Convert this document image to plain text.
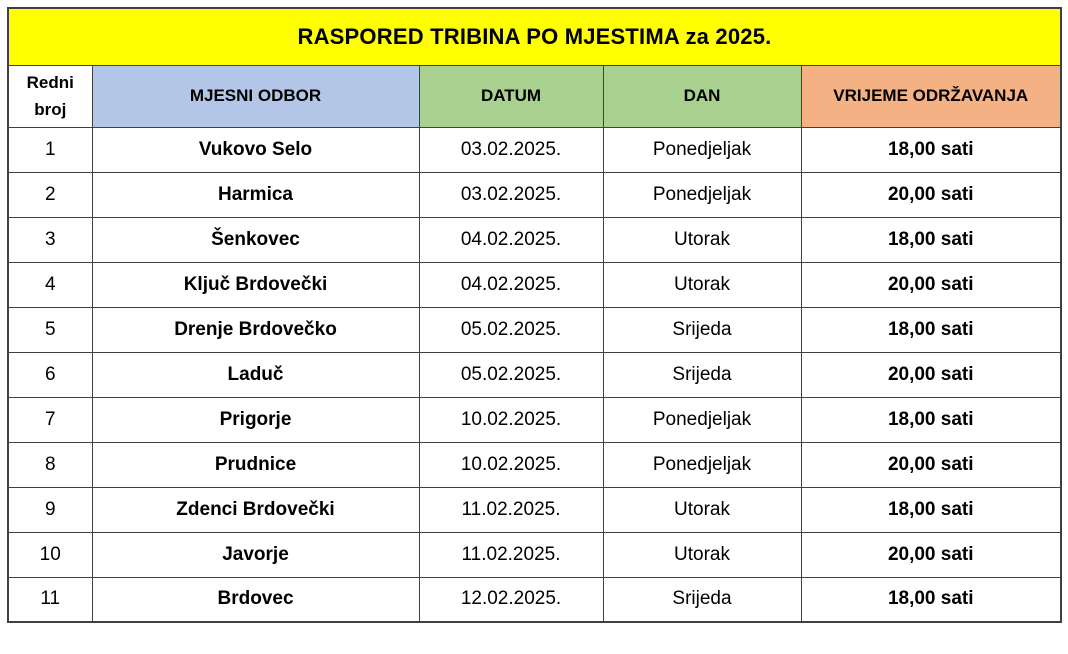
RASPORED TRIBINA PO MJESTIMA za 2025.				
Redni broj	MJESNI ODBOR	DATUM	DAN	VRIJEME ODRŽAVANJA
1	Vukovo Selo	03.02.2025.	Ponedjeljak	18,00 sati
2	Harmica	03.02.2025.	Ponedjeljak	20,00 sati
3	Šenkovec	04.02.2025.	Utorak	18,00 sati
4	Ključ Brdovečki	04.02.2025.	Utorak	20,00 sati
5	Drenje Brdovečko	05.02.2025.	Srijeda	18,00 sati
6	Laduč	05.02.2025.	Srijeda	20,00 sati
7	Prigorje	10.02.2025.	Ponedjeljak	18,00 sati
8	Prudnice	10.02.2025.	Ponedjeljak	20,00 sati
9	Zdenci Brdovečki	11.02.2025.	Utorak	18,00 sati
10	Javorje	11.02.2025.	Utorak	20,00 sati
11	Brdovec	12.02.2025.	Srijeda	18,00 sati
